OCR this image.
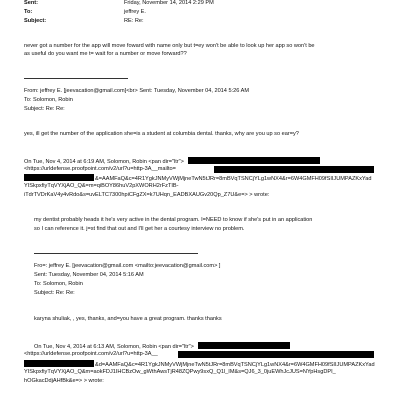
Sent:	Friday, November 14, 2014 2:29 PM
To:	jeffrey E.
Subject:	RE: Re:
never got a number for the app will move foward with name only but t=ey won't be able to look up her app so won't be
as useful do you want me t= wait for a number or move forward??
From: jeffrey E. [jeevacation@gmail.com]<br> Sent: Tuesday, November 04, 2014 5:26 AM
To: Solomon, Robin
Subject: Re: Re:
yes, ill get the number of the application she=is a student at columbia dental. thanks, why are you up so ear=y?
On Tue, Nov 4, 2014 at 6:19 AM, Solomon, Robin <pan dir="ltr">
<https://urldefense.proofpoint.com/v2/url?u=http-3A__mailto=
&=AAMFaQ&c=4R1YgkJNMyVWjMjneTwN5tJRr=8mBVqTSNCjYLg1wNX4&r=6W4GMFH09fSIIJUMPAZKxYad
YISkpxfiyTqVYXjAO_Q&=m=qiBOY86huV2pXWORH2rFzTIB-
iTdrTVDrKaV4y4vRdo&s=uvELTC7300hpiCFgZX=k7UHqn_EADBXAUGv20Qp_Z7U&e=> > wrote:
my dentist probably heads it he's very active in the dental program. I=NEED to know if she's put in an application
so I can reference it. j=st find that out and I'll get her a courtesy interview no problem.
Fro=: jeffrey E. [jeevacation@gmail.com <mailto:jeevacation@gmail.com> ]
Sent: Tuesday, November 04, 2014 5:16 AM
To: Solomon, Robin
Subject: Re: Re:
karyna shuliak, , yes, thanks, and=you have a great program. thanks thanks
On Tue, Nov 4, 2014 at 6:13 AM, Solomon, Robin <pan dir="ltr">
<https://urldefense.proofpoint.com/v2/url?u=http-3A__
&d=AAMFaQ&c=4R1YgkJNMyVWjMjneTwN5tJRr=8mBVqTSNCjYLg1wNX4&r=6W4GMFH09fSIIJUMPAZKxYad
YISkpxfiyTqVYXjAO_Q&m=aokFDJ1IHCBzOw_gWthAwsTjR48ZQPwy9sxQ_Q1l_IM&s=QJ6_3_0juEWhJcJUS=NYpHsgDPI_
hOGkacDdjAHfBk&e=> > wrote:
